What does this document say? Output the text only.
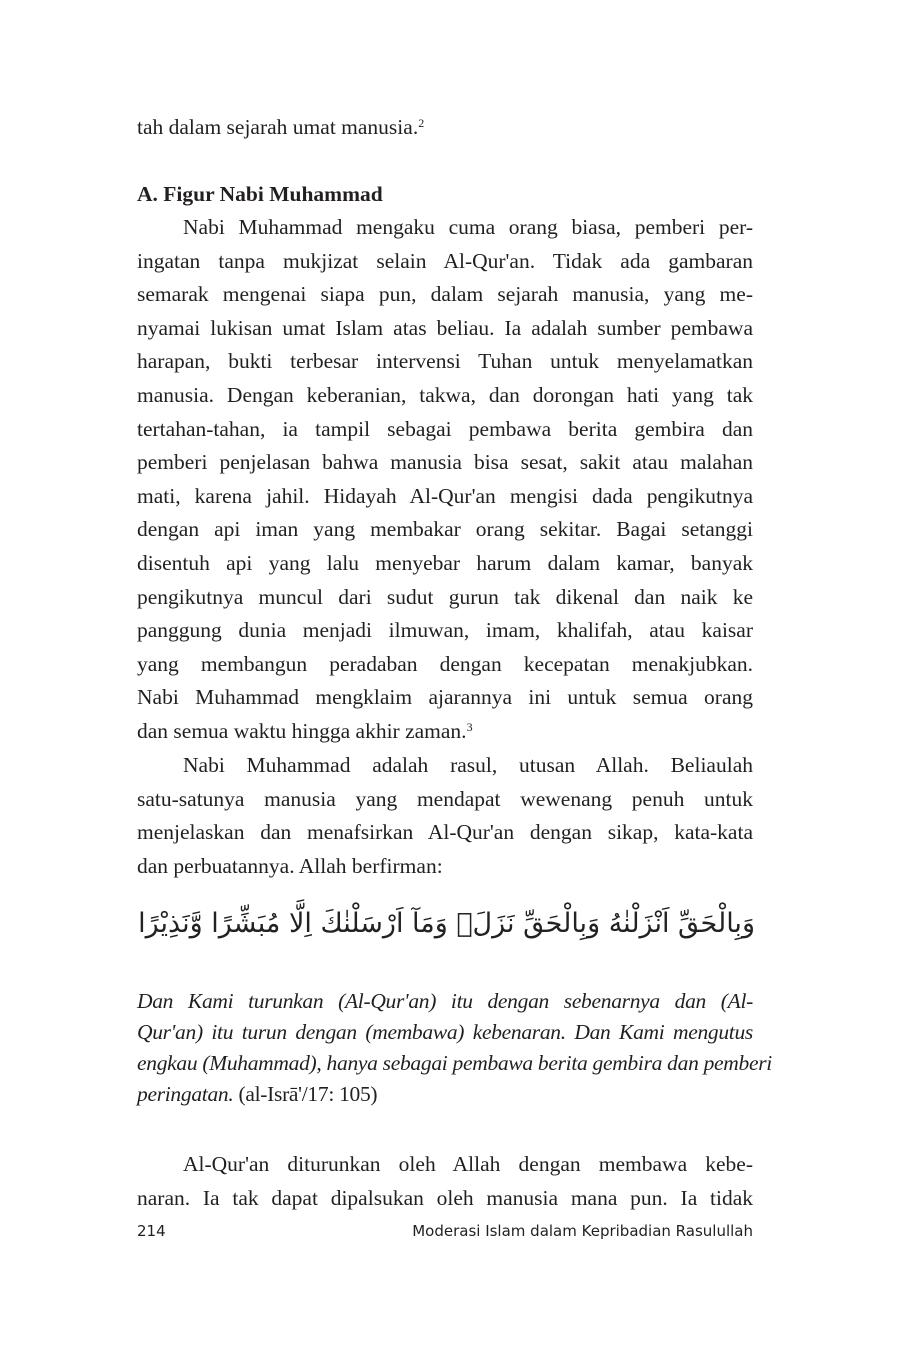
tah dalam sejarah umat manusia.$^2$
A. Figur Nabi Muhammad
Nabi Muhammad mengaku cuma orang biasa, pemberi per-
ingatan tanpa mukjizat selain Al-Qur'an. Tidak ada gambaran
semarak mengenai siapa pun, dalam sejarah manusia, yang me-
nyamai lukisan umat Islam atas beliau. Ia adalah sumber pembawa
harapan, bukti terbesar intervensi Tuhan untuk menyelamatkan
manusia. Dengan keberanian, takwa, dan dorongan hati yang tak
tertahan-tahan, ia tampil sebagai pembawa berita gembira dan
pemberi penjelasan bahwa manusia bisa sesat, sakit atau malahan
mati, karena jahil. Hidayah Al-Qur'an mengisi dada pengikutnya
dengan api iman yang membakar orang sekitar. Bagai setanggi
disentuh api yang lalu menyebar harum dalam kamar, banyak
pengikutnya muncul dari sudut gurun tak dikenal dan naik ke
panggung dunia menjadi ilmuwan, imam, khalifah, atau kaisar
yang membangun peradaban dengan kecepatan menakjubkan.
Nabi Muhammad mengklaim ajarannya ini untuk semua orang
dan semua waktu hingga akhir zaman.$^3$
Nabi Muhammad adalah rasul, utusan Allah. Beliaulah
satu-satunya manusia yang mendapat wewenang penuh untuk
menjelaskan dan menafsirkan Al-Qur'an dengan sikap, kata-kata
dan perbuatannya. Allah berfirman:
وَبِالْحَقِّ اَنْزَلْنٰهُ وَبِالْحَقِّ نَزَلَۗ وَمَآ اَرْسَلْنٰكَ اِلَّا مُبَشِّرًا وَّنَذِيْرًا
Dan Kami turunkan (Al-Qur'an) itu dengan sebenarnya dan (Al-
Qur'an) itu turun dengan (membawa) kebenaran. Dan Kami mengutus
engkau (Muhammad), hanya sebagai pembawa berita gembira dan pemberi
peringatan. (al-Isrā'/17: 105)
Al-Qur'an diturunkan oleh Allah dengan membawa kebe-
naran. Ia tak dapat dipalsukan oleh manusia mana pun. Ia tidak
214	Moderasi Islam dalam Kepribadian Rasulullah
